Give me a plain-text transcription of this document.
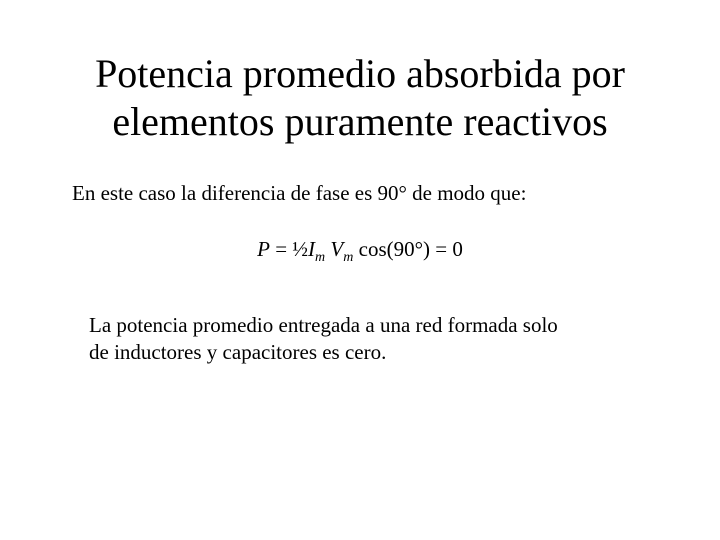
Potencia promedio absorbida por
elementos puramente reactivos
En este caso la diferencia de fase es 90° de modo que:
$P = \frac{1}{2}I_m$ $V_m$ cos(90°) = 0
La potencia promedio entregada a una red formada solo
de inductores y capacitores es cero.
